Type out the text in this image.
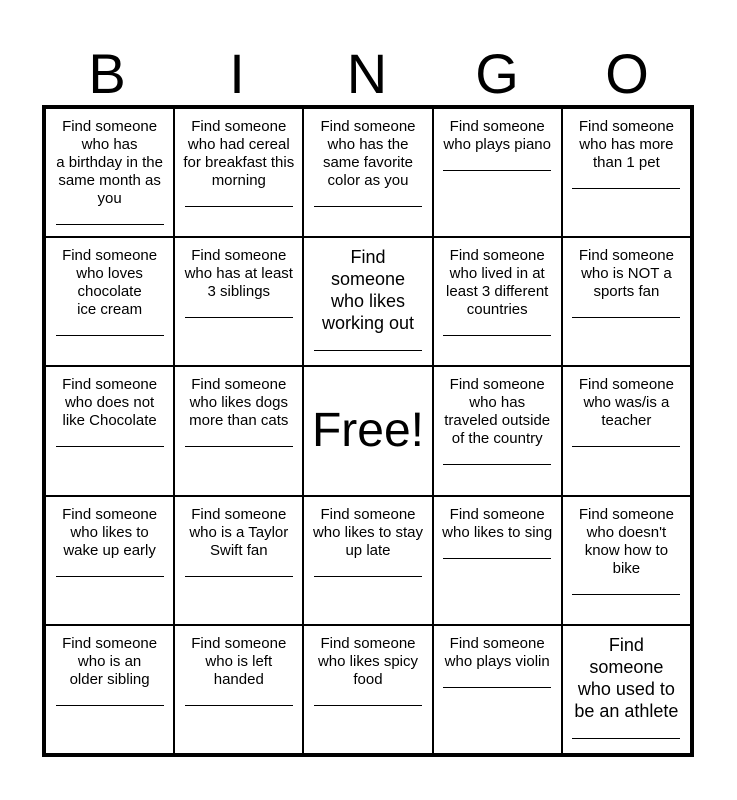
B	I	N	G	O
Find someone
who has
a birthday in the
same month as
you
Find someone
who had cereal
for breakfast this
morning
Find someone
who has the
same favorite
color as you
Find someone
who plays piano
Find someone
who has more
than 1 pet
Find someone
who loves
chocolate
ice cream
Find someone
who has at least
3 siblings
Find
someone
who likes
working out
Find someone
who lived in at
least 3 different
countries
Find someone
who is NOT a
sports fan
Find someone
who does not
like Chocolate
Find someone
who likes dogs
more than cats Free!
Find someone
who has
traveled outside
of the country
Find someone
who was/is a
teacher
Find someone
who likes to
wake up early
Find someone
who is a Taylor
Swift fan
Find someone
who likes to stay
up late
Find someone
who likes to sing
Find someone
who doesn't
know how to
bike
Find someone
who is an
older sibling
Find someone
who is left
handed
Find someone
who likes spicy
food
Find someone
who plays violin
Find
someone
who used to
be an athlete
